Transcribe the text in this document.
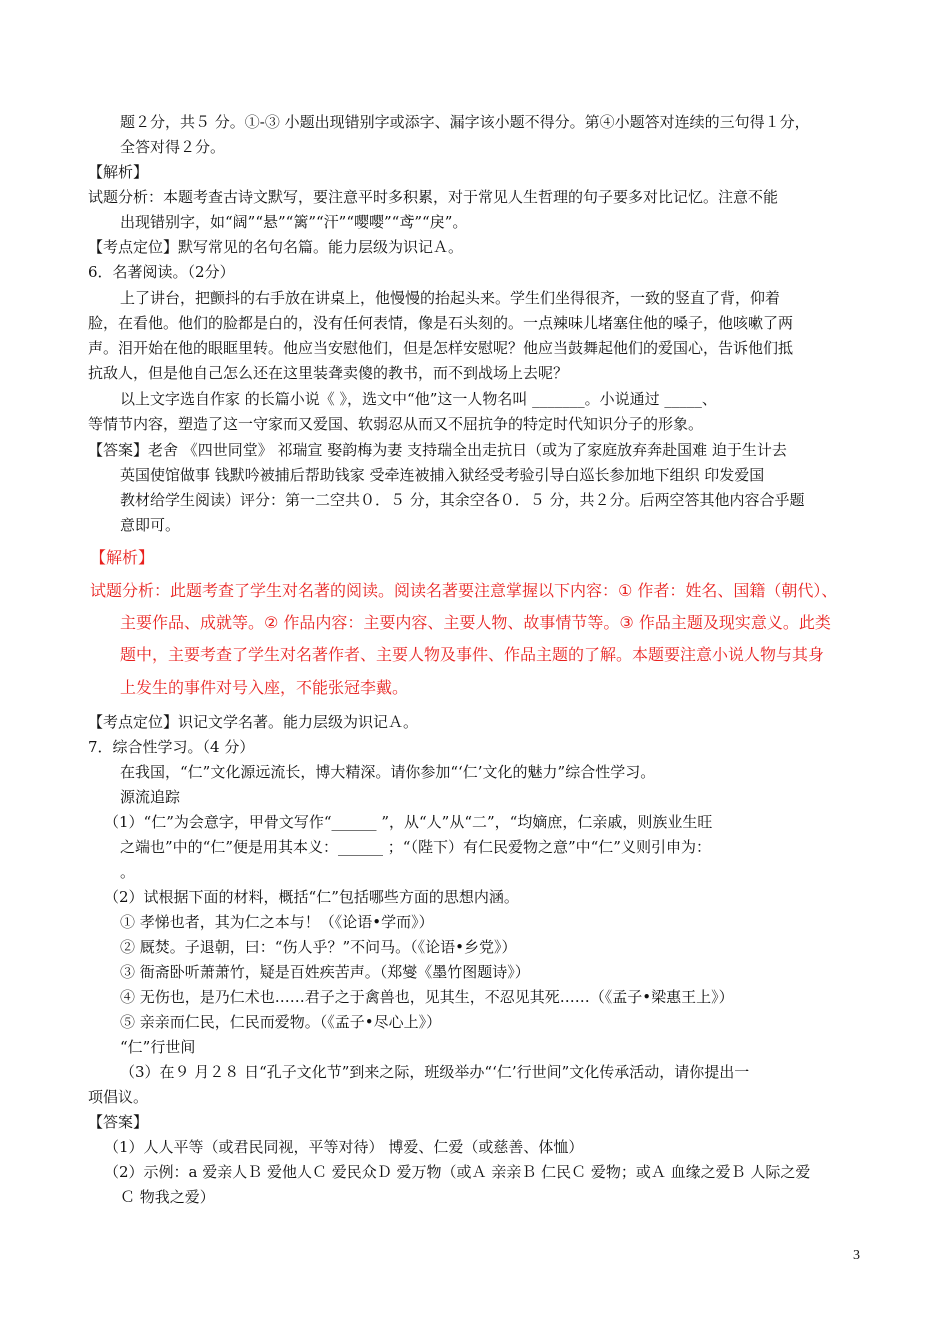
题２分，共５ 分。①-③ 小题出现错别字或添字、漏字该小题不得分。第④小题答对连续的三句得１分，
全答对得２分。
【解析】
试题分析：本题考查古诗文默写，要注意平时多积累，对于常见人生哲理的句子要多对比记忆。注意不能
出现错别字，如“阔”“悬”“篱”“汗”“嘤嘤”“鸢”“戾”。
【考点定位】默写常见的名句名篇。能力层级为识记Ａ。
6．名著阅读。（2分）
上了讲台，把颤抖的右手放在讲桌上，他慢慢的抬起头来。学生们坐得很齐，一致的竖直了背，仰着
脸，在看他。他们的脸都是白的，没有任何表情，像是石头刻的。一点辣味儿堵塞住他的嗓子，他咳嗽了两
声。泪开始在他的眼眶里转。他应当安慰他们，但是怎样安慰呢？他应当鼓舞起他们的爱国心，告诉他们抵
抗敌人，但是他自己怎么还在这里装聋卖傻的教书，而不到战场上去呢？
以上文字选自作家 的长篇小说《 》，选文中“他”这一人物名叫 _______。小说通过 _____、
等情节内容，塑造了这一守家而又爱国、软弱忍从而又不屈抗争的特定时代知识分子的形象。
【答案】老舍 《四世同堂》 祁瑞宣 娶韵梅为妻 支持瑞全出走抗日（或为了家庭放弃奔赴国难 迫于生计去
英国使馆做事 钱默吟被捕后帮助钱家 受牵连被捕入狱经受考验引导白巡长参加地下组织 印发爱国
教材给学生阅读）评分：第一二空共０．５ 分，其余空各０．５ 分，共２分。后两空答其他内容合乎题
意即可。
【解析】
试题分析：此题考查了学生对名著的阅读。阅读名著要注意掌握以下内容：① 作者：姓名、国籍（朝代）、
主要作品、成就等。② 作品内容：主要内容、主要人物、故事情节等。③ 作品主题及现实意义。此类
题中，主要考查了学生对名著作者、主要人物及事件、作品主题的了解。本题要注意小说人物与其身
上发生的事件对号入座，不能张冠李戴。
【考点定位】识记文学名著。能力层级为识记Ａ。
7．综合性学习。（4 分）
在我国，“仁”文化源远流长，博大精深。请你参加“‘仁’文化的魅力”综合性学习。
源流追踪
（1）“仁”为会意字，甲骨文写作“______ ”，从“人”从“二”，“均嫡庶，仁亲戚，则族业生旺
之端也”中的“仁”便是用其本义：______ ；“（陛下）有仁民爱物之意”中“仁”义则引申为：
。
（2）试根据下面的材料，概括“仁”包括哪些方面的思想内涵。
① 孝悌也者，其为仁之本与！（《论语•学而》）
② 厩焚。子退朝，曰：“伤人乎？”不问马。（《论语•乡党》）
③ 衙斋卧听萧萧竹，疑是百姓疾苦声。（郑燮《墨竹图题诗》）
④ 无伤也，是乃仁术也……君子之于禽兽也，见其生，不忍见其死……（《孟子•梁惠王上》）
⑤ 亲亲而仁民，仁民而爱物。（《孟子•尽心上》）
“仁”行世间
（3）在９ 月２８ 日“孔子文化节”到来之际，班级举办“‘仁’行世间”文化传承活动，请你提出一
项倡议。
【答案】
（1）人人平等（或君民同视，平等对待） 博爱、仁爱（或慈善、体恤）
（2）示例：a 爱亲人Ｂ 爱他人Ｃ 爱民众Ｄ 爱万物（或Ａ 亲亲Ｂ 仁民Ｃ 爱物；或Ａ 血缘之爱Ｂ 人际之爱
Ｃ 物我之爱）
3
